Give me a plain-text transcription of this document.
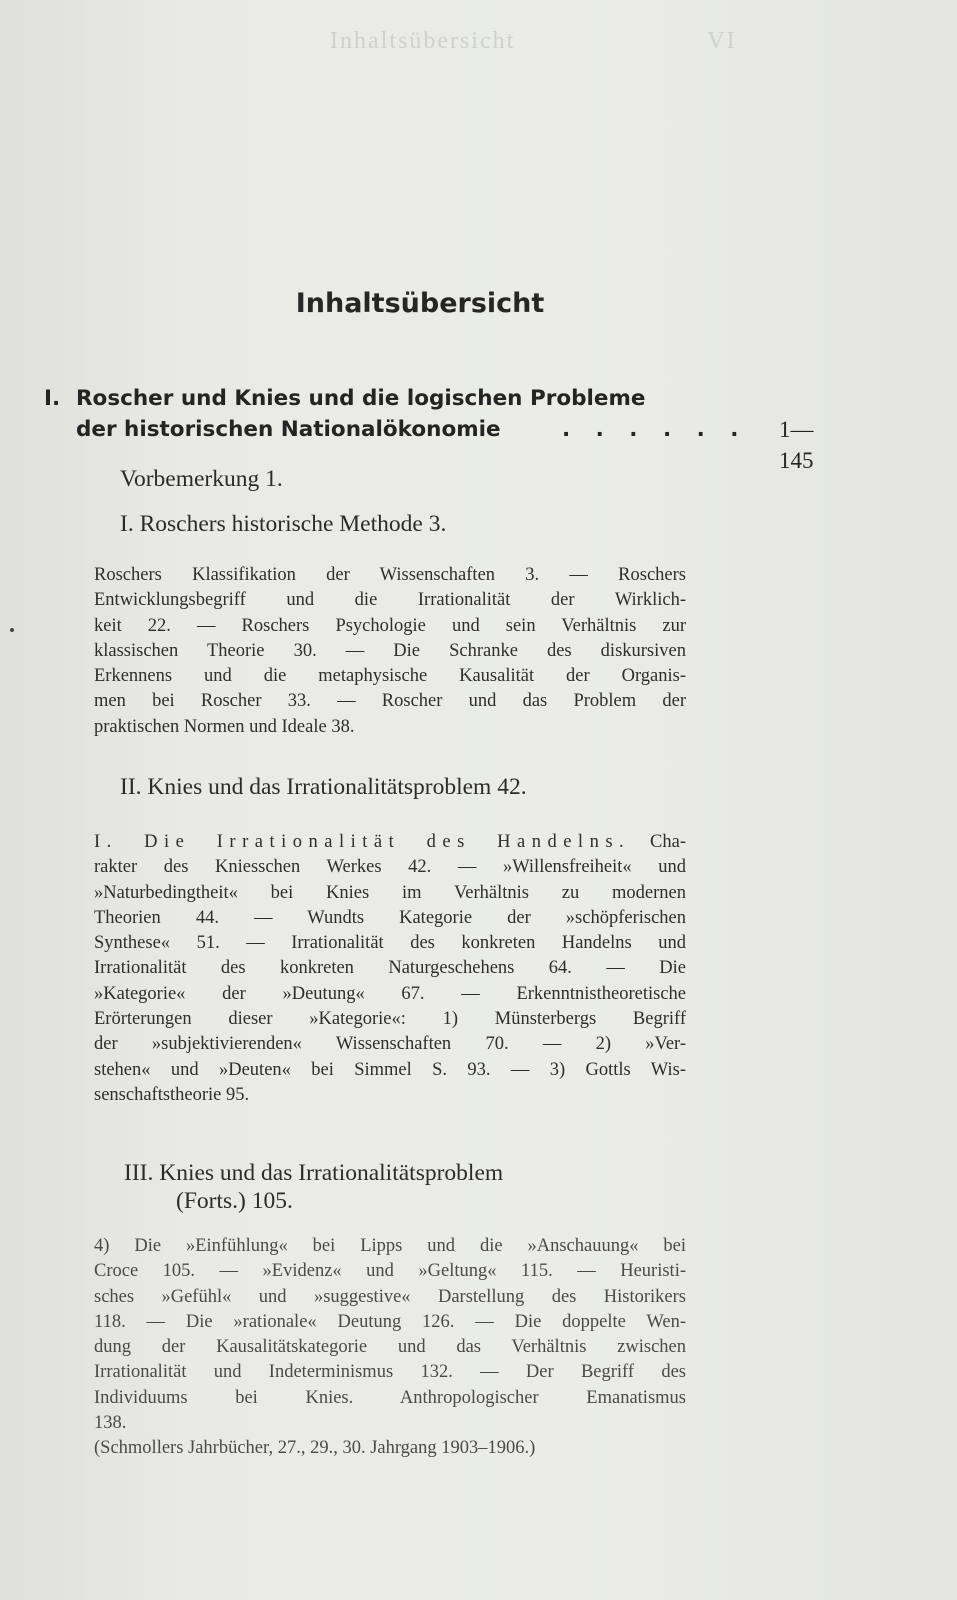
Inhaltsübersicht                        VI
Inhaltsübersicht
I. Roscher und Knies und die logischen Probleme
der historischen Nationalökonomie	. . . . . . 1—145
Vorbemerkung 1.
I. Roschers historische Methode 3.
Roschers Klassifikation der Wissenschaften 3. — Roschers
Entwicklungsbegriff und die Irrationalität der Wirklich-
keit 22. — Roschers Psychologie und sein Verhältnis zur
klassischen Theorie 30. — Die Schranke des diskursiven
Erkennens und die metaphysische Kausalität der Organis-
men bei Roscher 33. — Roscher und das Problem der
praktischen Normen und Ideale 38.
II. Knies und das Irrationalitätsproblem 42.
I. Die Irrationalität des Handelns. Cha-
rakter des Kniesschen Werkes 42. — »Willensfreiheit« und
»Naturbedingtheit« bei Knies im Verhältnis zu modernen
Theorien 44. — Wundts Kategorie der »schöpferischen
Synthese« 51. — Irrationalität des konkreten Handelns und
Irrationalität des konkreten Naturgeschehens 64. — Die
»Kategorie« der »Deutung« 67. — Erkenntnistheoretische
Erörterungen dieser »Kategorie«: 1) Münsterbergs Begriff
der »subjektivierenden« Wissenschaften 70. — 2) »Ver-
stehen« und »Deuten« bei Simmel S. 93. — 3) Gottls Wis-
senschaftstheorie 95.
III. Knies und das Irrationalitätsproblem
(Forts.) 105.
4) Die »Einfühlung« bei Lipps und die »Anschauung« bei
Croce 105. — »Evidenz« und »Geltung« 115. — Heuristi-
sches »Gefühl« und »suggestive« Darstellung des Historikers
118. — Die »rationale« Deutung 126. — Die doppelte Wen-
dung der Kausalitätskategorie und das Verhältnis zwischen
Irrationalität und Indeterminismus 132. — Der Begriff des
Individuums bei Knies. Anthropologischer Emanatismus
138.
(Schmollers Jahrbücher, 27., 29., 30. Jahrgang 1903–1906.)
